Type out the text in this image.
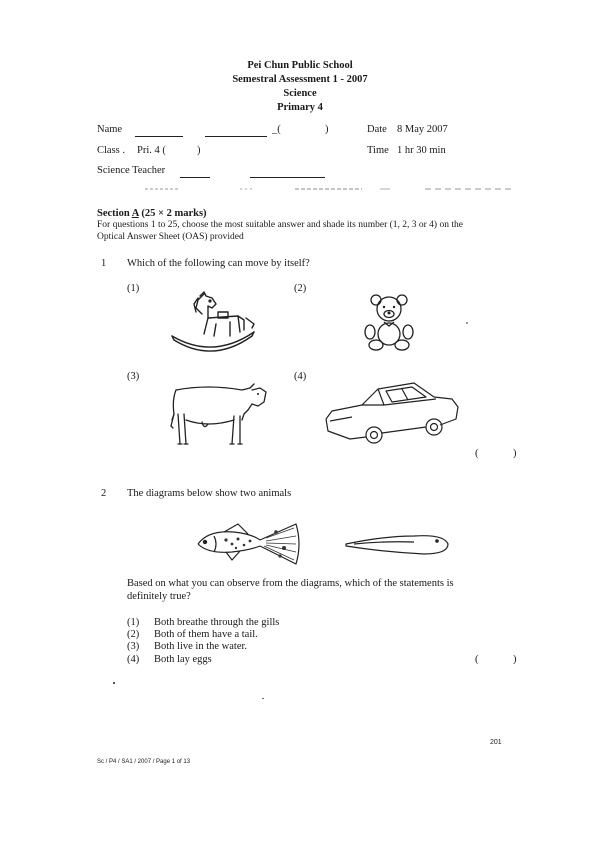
Pei Chun Public School
Semestral Assessment 1 - 2007
Science
Primary 4
Name	_(	)	Date 8 May 2007
Class . Pri. 4 (	)	Time 1 hr 30 min
Science Teacher
Section A (25 × 2 marks)
For questions 1 to 25, choose the most suitable answer and shade its number (1, 2, 3 or 4) on the
Optical Answer Sheet (OAS) provided
1 Which of the following can move by itself?
(1)	(2)
(3)	(4)
(	)
2 The diagrams below show two animals
Based on what you can observe from the diagrams, which of the statements is
definitely true?
(1) Both breathe through the gills
(2) Both of them have a tail.
(3) Both live in the water.
(4) Both lay eggs	(	)
201
Sc / P4 / SA1 / 2007 / Page 1 of 13
